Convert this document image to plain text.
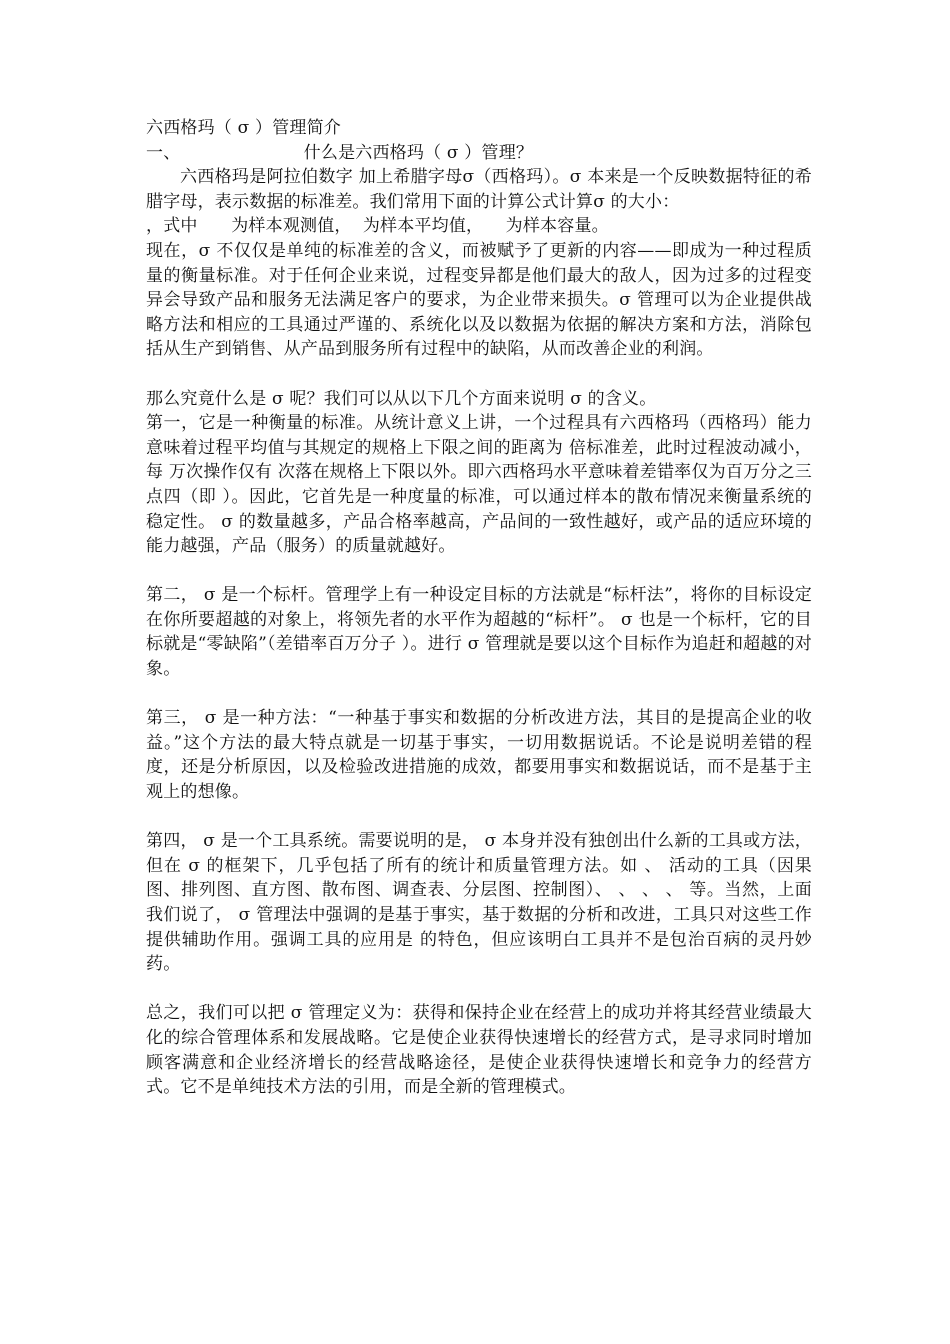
六西格玛（ σ ）管理简介
一、                      什么是六西格玛（ σ ）管理？

六西格玛是阿拉伯数字 加上希腊字母σ（西格玛）。σ 本来是一个反映数据特征的希腊字母，表示数据的标准差。我们常用下面的计算公式计算σ 的大小：

，式中      为样本观测值，  为样本平均值，    为样本容量。

现在，σ 不仅仅是单纯的标准差的含义，而被赋予了更新的内容——即成为一种过程质量的衡量标准。对于任何企业来说，过程变异都是他们最大的敌人，因为过多的过程变异会导致产品和服务无法满足客户的要求，为企业带来损失。σ 管理可以为企业提供战略方法和相应的工具通过严谨的、系统化以及以数据为依据的解决方案和方法，消除包括从生产到销售、从产品到服务所有过程中的缺陷，从而改善企业的利润。

那么究竟什么是 σ 呢？我们可以从以下几个方面来说明 σ 的含义。

第一，它是一种衡量的标准。从统计意义上讲，一个过程具有六西格玛（西格玛）能力意味着过程平均值与其规定的规格上下限之间的距离为 倍标准差，此时过程波动减小，每 万次操作仅有 次落在规格上下限以外。即六西格玛水平意味着差错率仅为百万分之三点四（即 ）。因此，它首先是一种度量的标准，可以通过样本的散布情况来衡量系统的稳定性。 σ 的数量越多，产品合格率越高，产品间的一致性越好，或产品的适应环境的能力越强，产品（服务）的质量就越好。

第二， σ 是一个标杆。管理学上有一种设定目标的方法就是“标杆法”，将你的目标设定在你所要超越的对象上，将领先者的水平作为超越的“标杆”。 σ 也是一个标杆，它的目标就是“零缺陷”（差错率百万分子 ）。进行 σ 管理就是要以这个目标作为追赶和超越的对象。

第三， σ 是一种方法：“一种基于事实和数据的分析改进方法，其目的是提高企业的收益。”这个方法的最大特点就是一切基于事实，一切用数据说话。不论是说明差错的程度，还是分析原因，以及检验改进措施的成效，都要用事实和数据说话，而不是基于主观上的想像。

第四， σ 是一个工具系统。需要说明的是， σ 本身并没有独创出什么新的工具或方法，但在 σ 的框架下，几乎包括了所有的统计和质量管理方法。如 、 活动的工具（因果图、排列图、直方图、散布图、调查表、分层图、控制图）、 、 、 、 等。当然，上面我们说了， σ 管理法中强调的是基于事实，基于数据的分析和改进，工具只对这些工作提供辅助作用。强调工具的应用是 的特色，但应该明白工具并不是包治百病的灵丹妙药。

总之，我们可以把 σ 管理定义为：获得和保持企业在经营上的成功并将其经营业绩最大化的综合管理体系和发展战略。它是使企业获得快速增长的经营方式，是寻求同时增加顾客满意和企业经济增长的经营战略途径，是使企业获得快速增长和竞争力的经营方式。它不是单纯技术方法的引用，而是全新的管理模式。
